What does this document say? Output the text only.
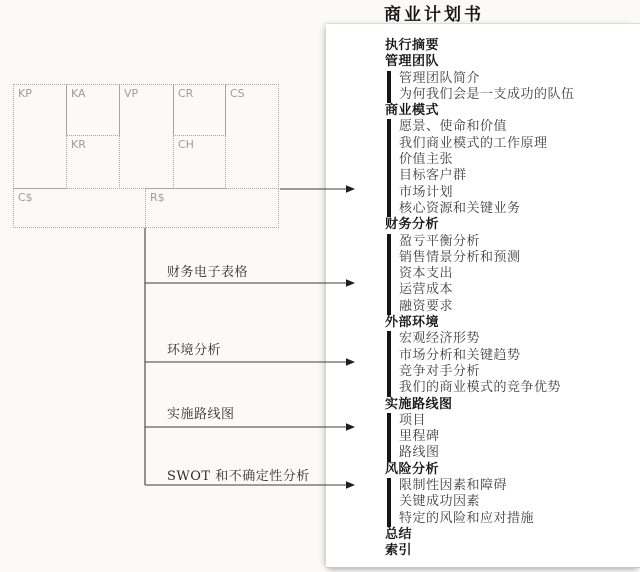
执行摘要
管理团队
管理团队简介
为何我们会是一支成功的队伍
商业模式
愿景、使命和价值
我们商业模式的工作原理
价值主张
目标客户群
市场计划
核心资源和关键业务
财务分析
盈亏平衡分析
销售情景分析和预测
资本支出
运营成本
融资要求
外部环境
宏观经济形势
市场分析和关键趋势
竞争对手分析
我们的商业模式的竞争优势
实施路线图
项目
里程碑
路线图
风险分析
限制性因素和障碍
关键成功因素
特定的风险和应对措施
总结
索引
商业计划书
KP	KA
KR
VP	CR
CH
CS
C$	R$
财务电子表格
环境分析
实施路线图
SWOT 和不确定性分析
